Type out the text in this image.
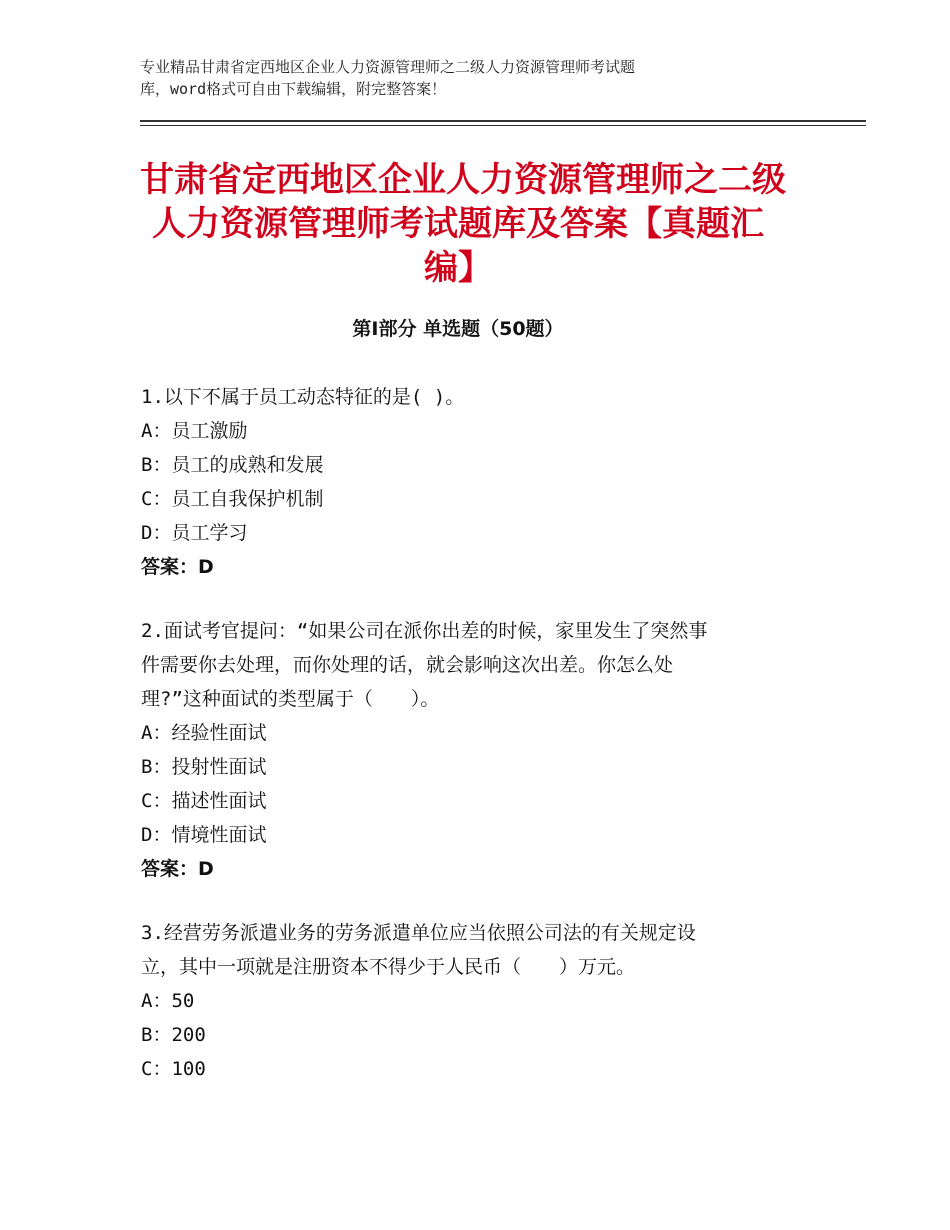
专业精品甘肃省定西地区企业人力资源管理师之二级人力资源管理师考试题
库，word格式可自由下载编辑，附完整答案！
甘肃省定西地区企业人力资源管理师之二级
人力资源管理师考试题库及答案【真题汇
编】
第Ⅰ部分 单选题（50题）
1.以下不属于员工动态特征的是( )。
A：员工激励
B：员工的成熟和发展
C：员工自我保护机制
D：员工学习
答案：D
2.面试考官提问：“如果公司在派你出差的时候，家里发生了突然事
件需要你去处理，而你处理的话，就会影响这次出差。你怎么处
理?”这种面试的类型属于（　　）。
A：经验性面试
B：投射性面试
C：描述性面试
D：情境性面试
答案：D
3.经营劳务派遣业务的劳务派遣单位应当依照公司法的有关规定设
立，其中一项就是注册资本不得少于人民币（　　）万元。
A：50
B：200
C：100
